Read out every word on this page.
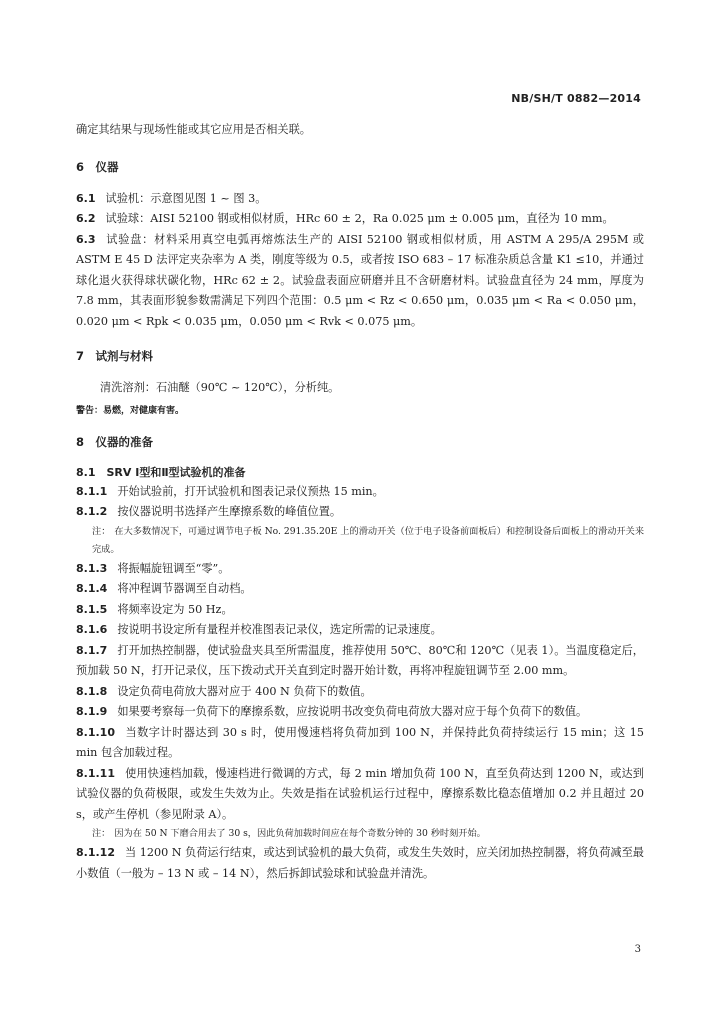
NB/SH/T 0882—2014

确定其结果与现场性能或其它应用是否相关联。

6　仪器

6.1 试验机：示意图见图 1 ~ 图 3。

6.2 试验球：AISI 52100 钢或相似材质，HRc 60 ± 2，Ra 0.025 μm ± 0.005 μm，直径为 10 mm。

6.3 试验盘：材料采用真空电弧再熔炼法生产的 AISI 52100 钢或相似材质，用 ASTM A 295/A 295M 或 ASTM E 45 D 法评定夹杂率为 A 类，刚度等级为 0.5，或者按 ISO 683 – 17 标准杂质总含量 K1 ≤10，并通过球化退火获得球状碳化物，HRc 62 ± 2。试验盘表面应研磨并且不含研磨材料。试验盘直径为 24 mm，厚度为 7.8 mm，其表面形貌参数需满足下列四个范围：0.5 μm < Rz < 0.650 μm，0.035 μm < Ra < 0.050 μm，0.020 μm < Rpk < 0.035 μm，0.050 μm < Rvk < 0.075 μm。

7　试剂与材料

清洗溶剂：石油醚（90℃ ~ 120℃），分析纯。

警告：易燃，对健康有害。
8　仪器的准备
8.1　SRV Ⅰ型和Ⅱ型试验机的准备

8.1.1 开始试验前，打开试验机和图表记录仪预热 15 min。

8.1.2 按仪器说明书选择产生摩擦系数的峰值位置。

注： 在大多数情况下，可通过调节电子板 No. 291.35.20E 上的滑动开关（位于电子设备前面板后）和控制设备后面板上的滑动开关来完成。

8.1.3 将振幅旋钮调至“零”。

8.1.4 将冲程调节器调至自动档。

8.1.5 将频率设定为 50 Hz。

8.1.6 按说明书设定所有量程并校准图表记录仪，选定所需的记录速度。

8.1.7 打开加热控制器，使试验盘夹具至所需温度，推荐使用 50℃、80℃和 120℃（见表 1）。当温度稳定后，预加载 50 N，打开记录仪，压下拨动式开关直到定时器开始计数，再将冲程旋钮调节至 2.00 mm。

8.1.8 设定负荷电荷放大器对应于 400 N 负荷下的数值。

8.1.9 如果要考察每一负荷下的摩擦系数，应按说明书改变负荷电荷放大器对应于每个负荷下的数值。

8.1.10 当数字计时器达到 30 s 时，使用慢速档将负荷加到 100 N，并保持此负荷持续运行 15 min；这 15 min 包含加载过程。

8.1.11 使用快速档加载，慢速档进行微调的方式，每 2 min 增加负荷 100 N，直至负荷达到 1200 N，或达到试验仪器的负荷极限，或发生失效为止。失效是指在试验机运行过程中，摩擦系数比稳态值增加 0.2 并且超过 20 s，或产生停机（参见附录 A）。

注： 因为在 50 N 下磨合用去了 30 s，因此负荷加载时间应在每个奇数分钟的 30 秒时刻开始。

8.1.12 当 1200 N 负荷运行结束，或达到试验机的最大负荷，或发生失效时，应关闭加热控制器，将负荷减至最小数值（一般为 – 13 N 或 – 14 N），然后拆卸试验球和试验盘并清洗。

3
